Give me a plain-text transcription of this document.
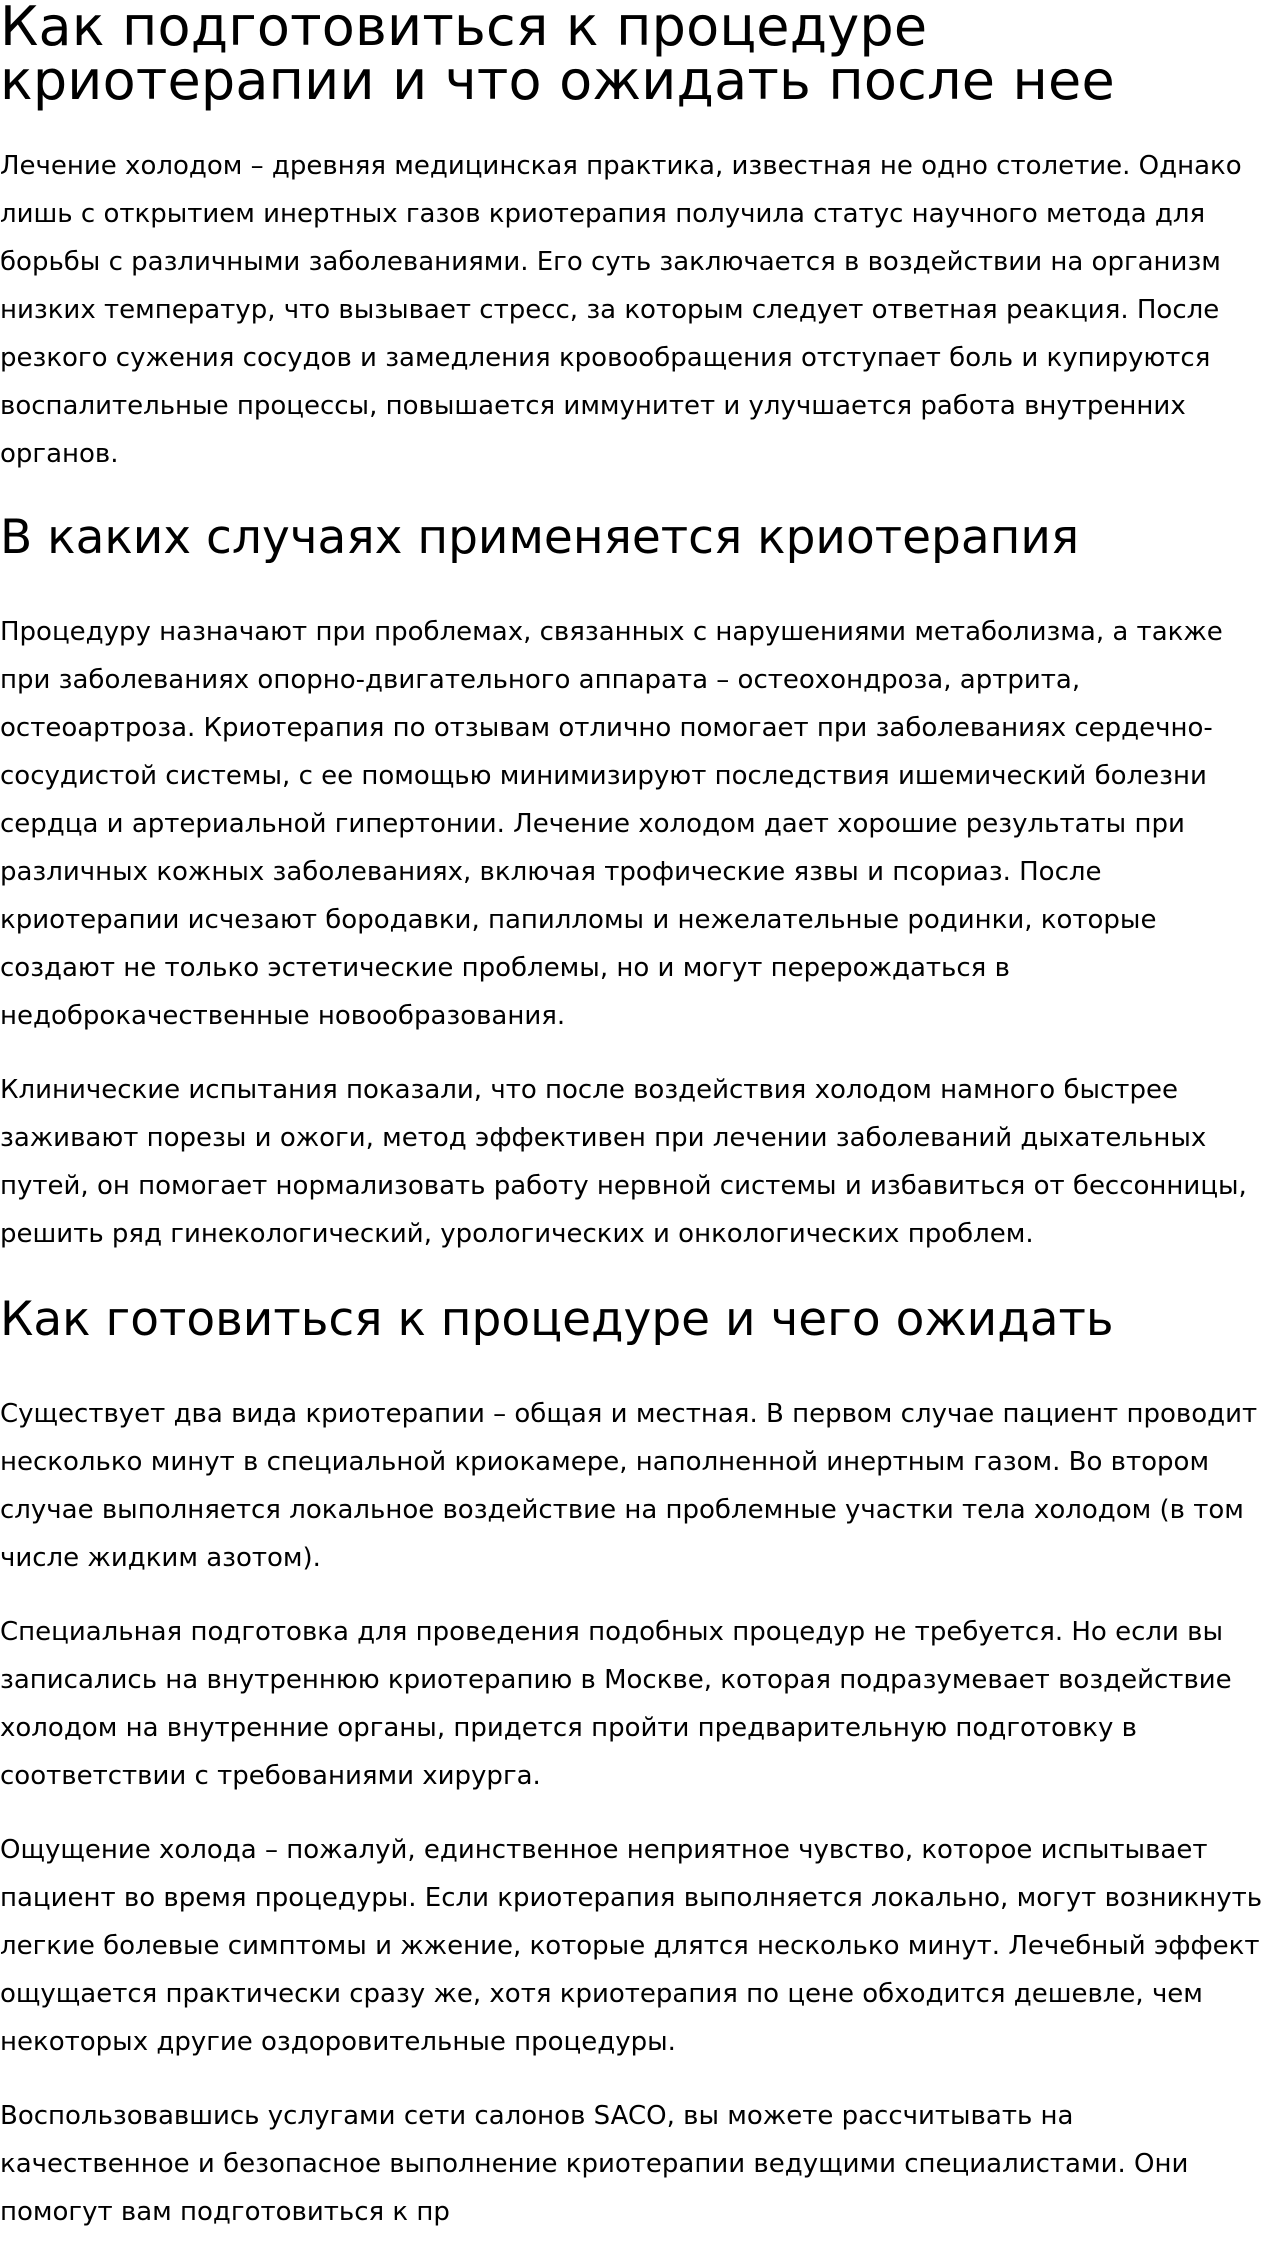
Как подготовиться к процедуре криотерапии и что ожидать после нее

Лечение холодом – древняя медицинская практика, известная не одно столетие. Однако лишь с открытием инертных газов криотерапия получила статус научного метода для борьбы с различными заболеваниями. Его суть заключается в воздействии на организм низких температур, что вызывает стресс, за которым следует ответная реакция. После резкого сужения сосудов и замедления кровообращения отступает боль и купируются воспалительные процессы, повышается иммунитет и улучшается работа внутренних органов.

В каких случаях применяется криотерапия

Процедуру назначают при проблемах, связанных с нарушениями метаболизма, а также при заболеваниях опорно-двигательного аппарата – остеохондроза, артрита, остеоартроза. Криотерапия по отзывам отлично помогает при заболеваниях сердечно-сосудистой системы, с ее помощью минимизируют последствия ишемический болезни сердца и артериальной гипертонии. Лечение холодом дает хорошие результаты при различных кожных заболеваниях, включая трофические язвы и псориаз. После криотерапии исчезают бородавки, папилломы и нежелательные родинки, которые создают не только эстетические проблемы, но и могут перерождаться в недоброкачественные новообразования.

Клинические испытания показали, что после воздействия холодом намного быстрее заживают порезы и ожоги, метод эффективен при лечении заболеваний дыхательных путей, он помогает нормализовать работу нервной системы и избавиться от бессонницы, решить ряд гинекологический, урологических и онкологических проблем.

Как готовиться к процедуре и чего ожидать

Существует два вида криотерапии – общая и местная. В первом случае пациент проводит несколько минут в специальной криокамере, наполненной инертным газом. Во втором случае выполняется локальное воздействие на проблемные участки тела холодом (в том числе жидким азотом).

Специальная подготовка для проведения подобных процедур не требуется. Но если вы записались на внутреннюю криотерапию в Москве, которая подразумевает воздействие холодом на внутренние органы, придется пройти предварительную подготовку в соответствии с требованиями хирурга.

Ощущение холода – пожалуй, единственное неприятное чувство, которое испытывает пациент во время процедуры. Если криотерапия выполняется локально, могут возникнуть легкие болевые симптомы и жжение, которые длятся несколько минут. Лечебный эффект ощущается практически сразу же, хотя криотерапия по цене обходится дешевле, чем некоторых другие оздоровительные процедуры.

Воспользовавшись услугами сети салонов SACO, вы можете рассчитывать на качественное и безопасное выполнение криотерапии ведущими специалистами. Они помогут вам подготовиться к пр
